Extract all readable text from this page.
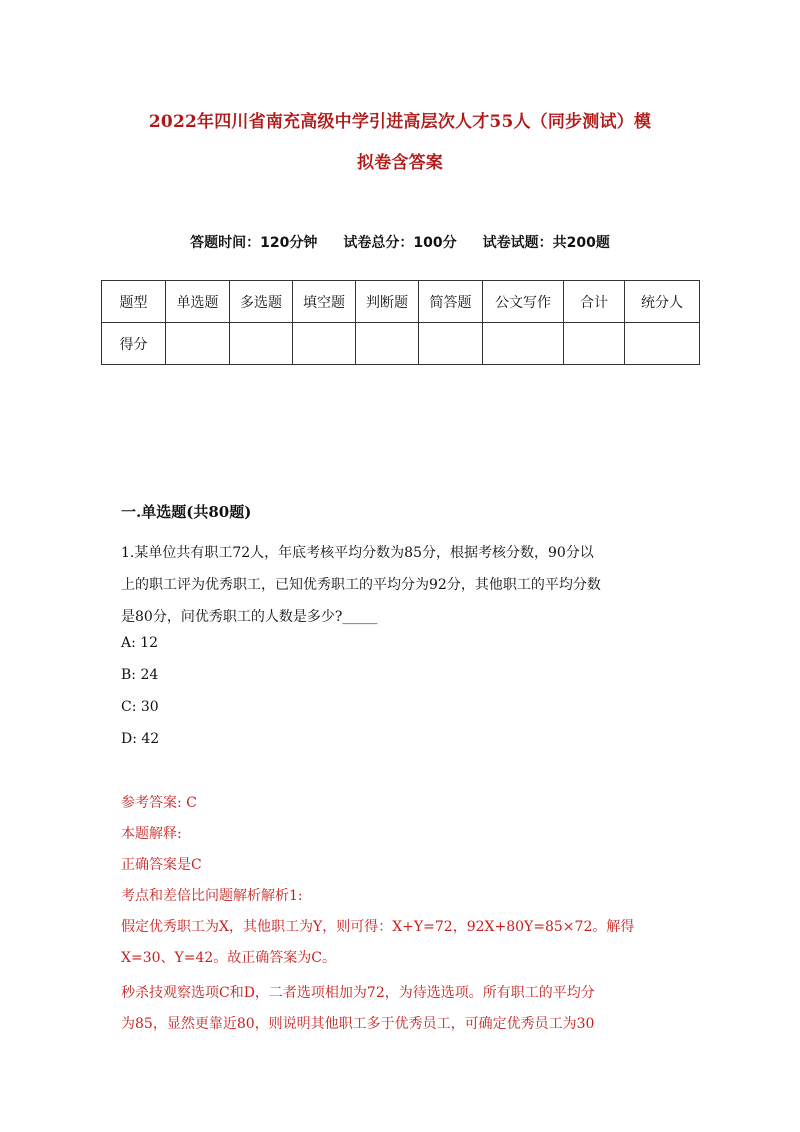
2022年四川省南充高级中学引进高层次人才55人（同步测试）模
拟卷含答案
答题时间：120分钟 试卷总分：100分 试卷试题：共200题
题型	单选题	多选题	填空题	判断题	简答题	公文写作	合计	统分人
得分								
一.单选题(共80题)
1.某单位共有职工72人，年底考核平均分数为85分，根据考核分数，90分以
上的职工评为优秀职工，已知优秀职工的平均分为92分，其他职工的平均分数
是80分，问优秀职工的人数是多少?_____
A: 12
B: 24
C: 30
D: 42
参考答案: C
本题解释:
正确答案是C
考点和差倍比问题解析解析1:
假定优秀职工为X，其他职工为Y，则可得：X+Y=72，92X+80Y=85×72。解得
X=30、Y=42。故正确答案为C。
秒杀技观察选项C和D，二者选项相加为72，为待选选项。所有职工的平均分
为85，显然更靠近80，则说明其他职工多于优秀员工，可确定优秀员工为30
